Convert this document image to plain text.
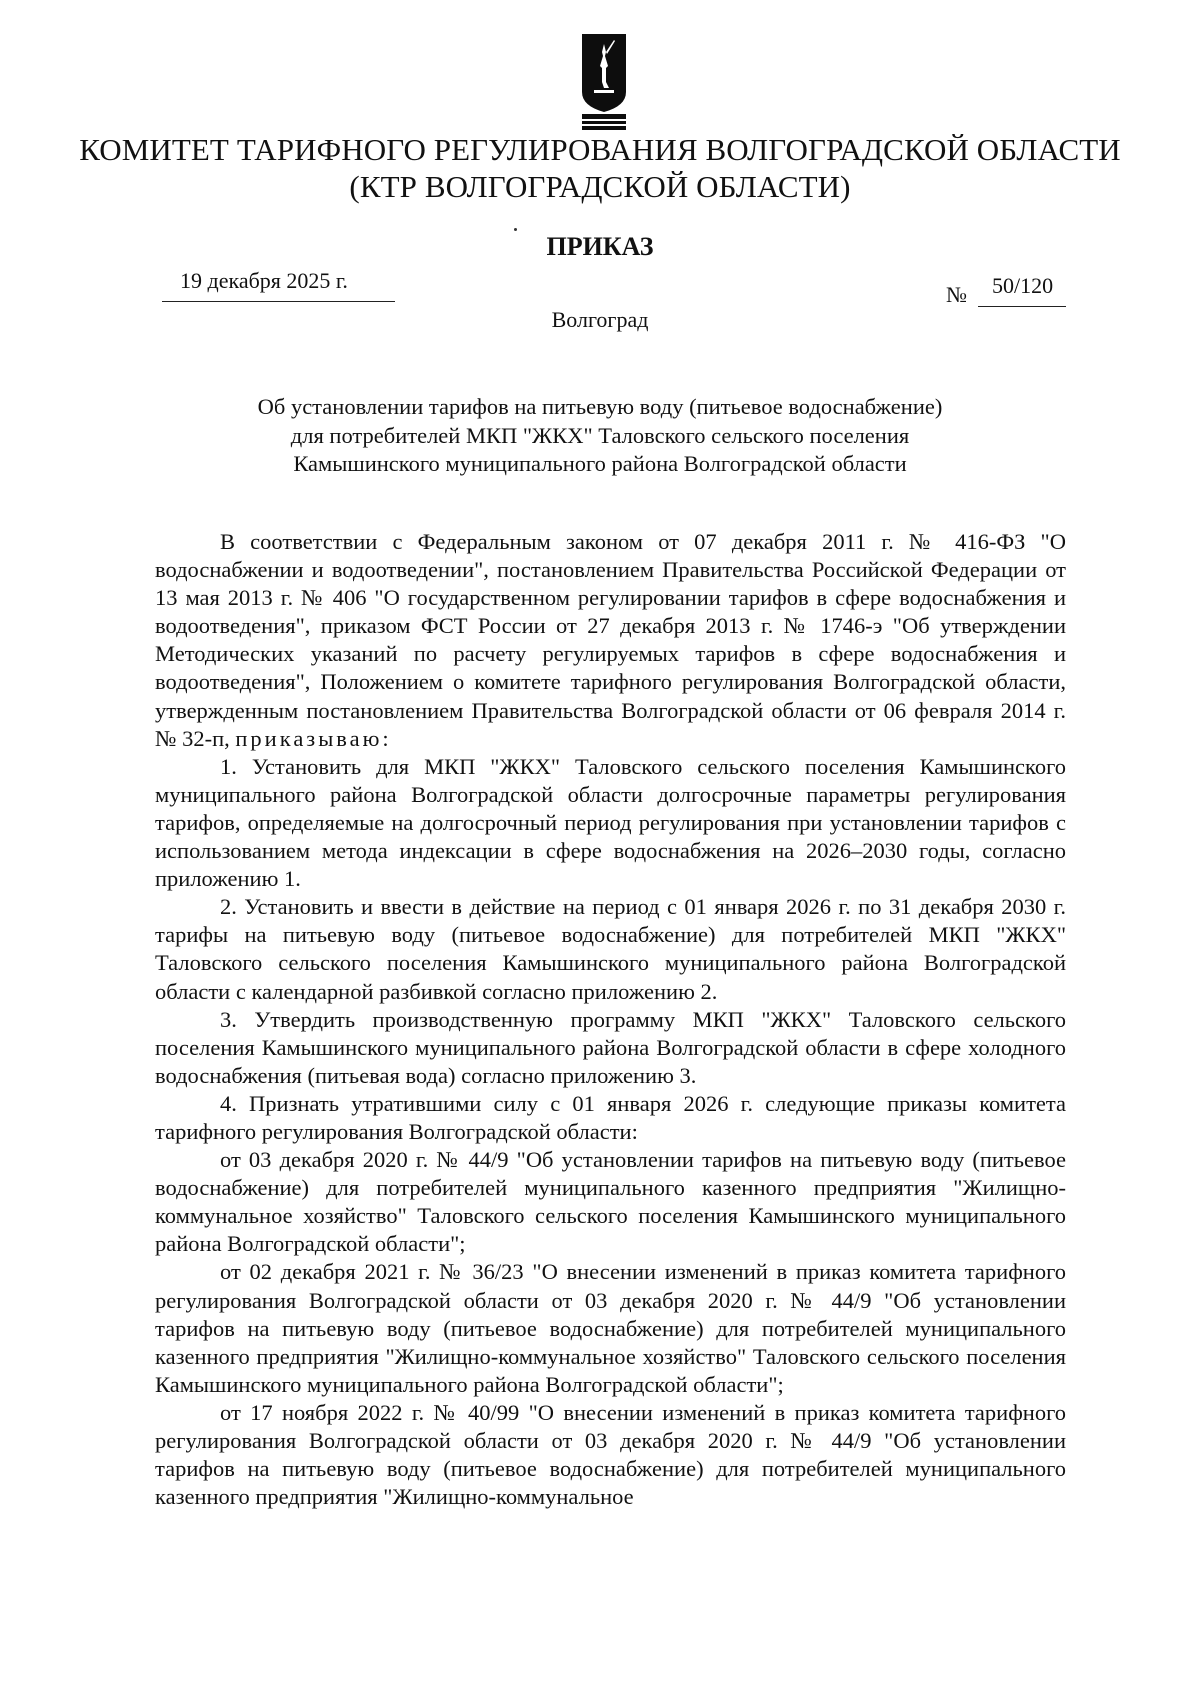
КОМИТЕТ ТАРИФНОГО РЕГУЛИРОВАНИЯ ВОЛГОГРАДСКОЙ ОБЛАСТИ
(КТР ВОЛГОГРАДСКОЙ ОБЛАСТИ)
ПРИКАЗ
19 декабря 2025 г.
№ 50/120
Волгоград
Об установлении тарифов на питьевую воду (питьевое водоснабжение)
для потребителей МКП "ЖКХ" Таловского сельского поселения
Камышинского муниципального района Волгоградской области

В соответствии с Федеральным законом от 07 декабря 2011 г. № 416-ФЗ "О водоснабжении и водоотведении", постановлением Правительства Российской Федерации от 13 мая 2013 г. № 406 "О государственном регулировании тарифов в сфере водоснабжения и водоотведения", приказом ФСТ России от 27 декабря 2013 г. № 1746-э "Об утверждении Методических указаний по расчету регулируемых тарифов в сфере водоснабжения и водоотведения", Положением о комитете тарифного регулирования Волгоградской области, утвержденным постановлением Правительства Волгоградской области от 06 февраля 2014 г. № 32-п, приказываю:

1. Установить для МКП "ЖКХ" Таловского сельского поселения Камышинского муниципального района Волгоградской области долгосрочные параметры регулирования тарифов, определяемые на долгосрочный период регулирования при установлении тарифов с использованием метода индексации в сфере водоснабжения на 2026–2030 годы, согласно приложению 1.

2. Установить и ввести в действие на период с 01 января 2026 г. по 31 декабря 2030 г. тарифы на питьевую воду (питьевое водоснабжение) для потребителей МКП "ЖКХ" Таловского сельского поселения Камышинского муниципального района Волгоградской области с календарной разбивкой согласно приложению 2.

3. Утвердить производственную программу МКП "ЖКХ" Таловского сельского поселения Камышинского муниципального района Волгоградской области в сфере холодного водоснабжения (питьевая вода) согласно приложению 3.

4. Признать утратившими силу с 01 января 2026 г. следующие приказы комитета тарифного регулирования Волгоградской области:

от 03 декабря 2020 г. № 44/9 "Об установлении тарифов на питьевую воду (питьевое водоснабжение) для потребителей муниципального казенного предприятия "Жилищно-коммунальное хозяйство" Таловского сельского поселения Камышинского муниципального района Волгоградской области";

от 02 декабря 2021 г. № 36/23 "О внесении изменений в приказ комитета тарифного регулирования Волгоградской области от 03 декабря 2020 г. № 44/9 "Об установлении тарифов на питьевую воду (питьевое водоснабжение) для потребителей муниципального казенного предприятия "Жилищно-коммунальное хозяйство" Таловского сельского поселения Камышинского муниципального района Волгоградской области";

от 17 ноября 2022 г. № 40/99 "О внесении изменений в приказ комитета тарифного регулирования Волгоградской области от 03 декабря 2020 г. № 44/9 "Об установлении тарифов на питьевую воду (питьевое водоснабжение) для потребителей муниципального казенного предприятия "Жилищно-коммунальное
